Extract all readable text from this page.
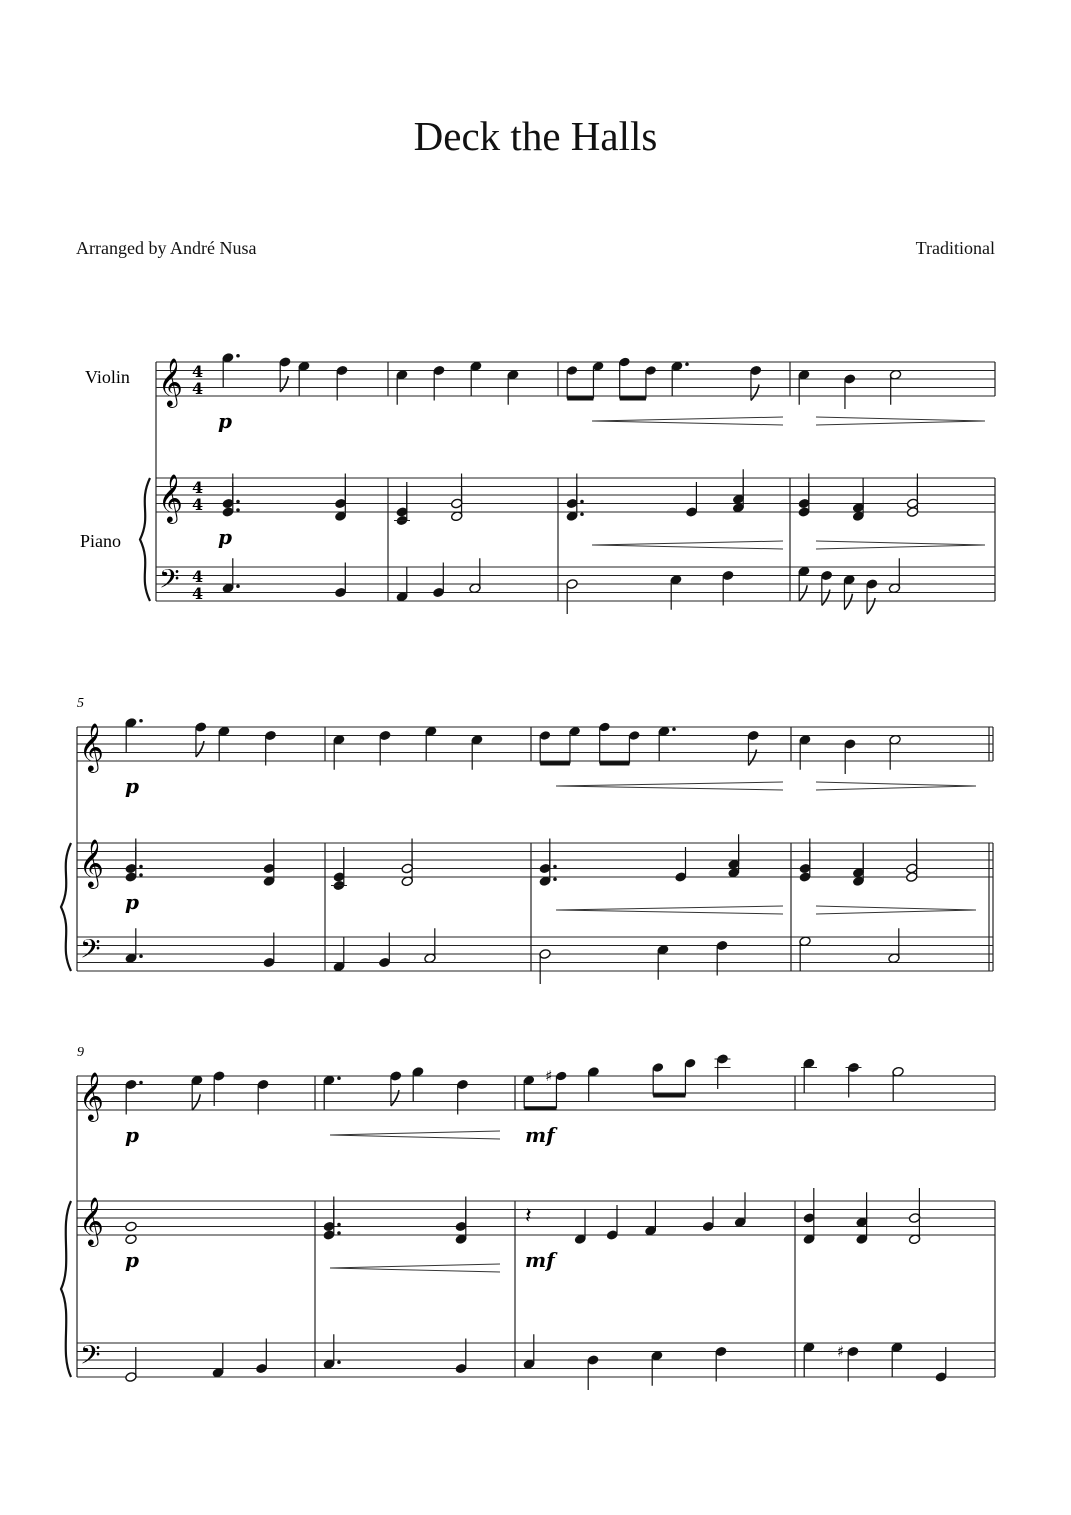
Deck the Halls
Arranged by André Nusa	Traditional
Violin
Piano
𝄞
𝄞
𝄢
4
4
4
4
4
4
p
p
𝄞
𝄞
𝄢
p
p
5
𝄞
𝄞
𝄢
♯
𝄽
♯
p
p
mf
mf
9
